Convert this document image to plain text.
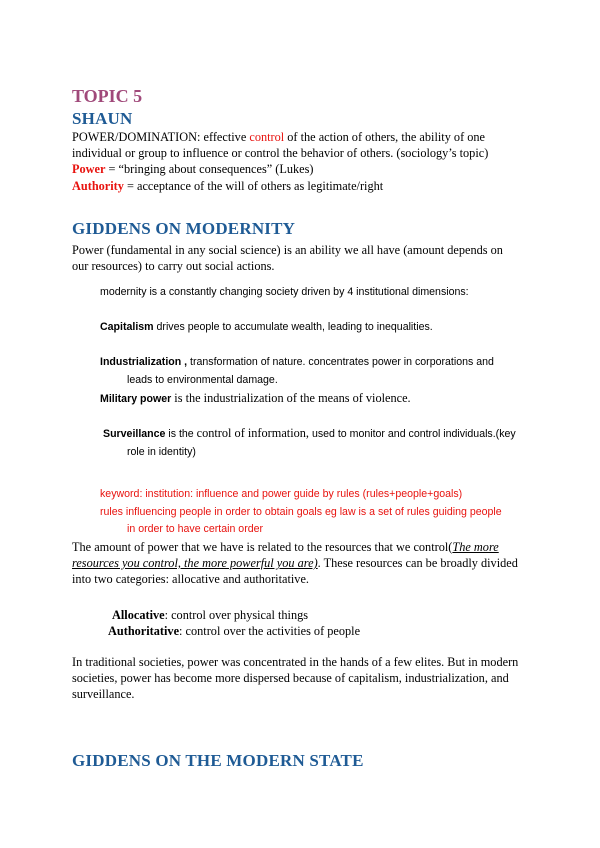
TOPIC 5
SHAUN
POWER/DOMINATION: effective control of the action of others, the ability of one
individual or group to influence or control the behavior of others. (sociology’s topic)
Power = “bringing about consequences” (Lukes)
Authority = acceptance of the will of others as legitimate/right
GIDDENS ON MODERNITY
Power (fundamental in any social science) is an ability we all have (amount depends on
our resources) to carry out social actions.
modernity is a constantly changing society driven by 4 institutional dimensions:
Capitalism drives people to accumulate wealth, leading to inequalities.
Industrialization , transformation of nature. concentrates power in corporations and
leads to environmental damage.
Military power is the industrialization of the means of violence.
Surveillance is the control of information, used to monitor and control individuals.(key
role in identity)
keyword: institution: influence and power guide by rules (rules+people+goals)
rules influencing people in order to obtain goals eg law is a set of rules guiding people
in order to have certain order
The amount of power that we have is related to the resources that we control(The more
resources you control, the more powerful you are). These resources can be broadly divided
into two categories: allocative and authoritative.
Allocative: control over physical things
Authoritative: control over the activities of people
In traditional societies, power was concentrated in the hands of a few elites. But in modern
societies, power has become more dispersed because of capitalism, industrialization, and
surveillance.
GIDDENS ON THE MODERN STATE
